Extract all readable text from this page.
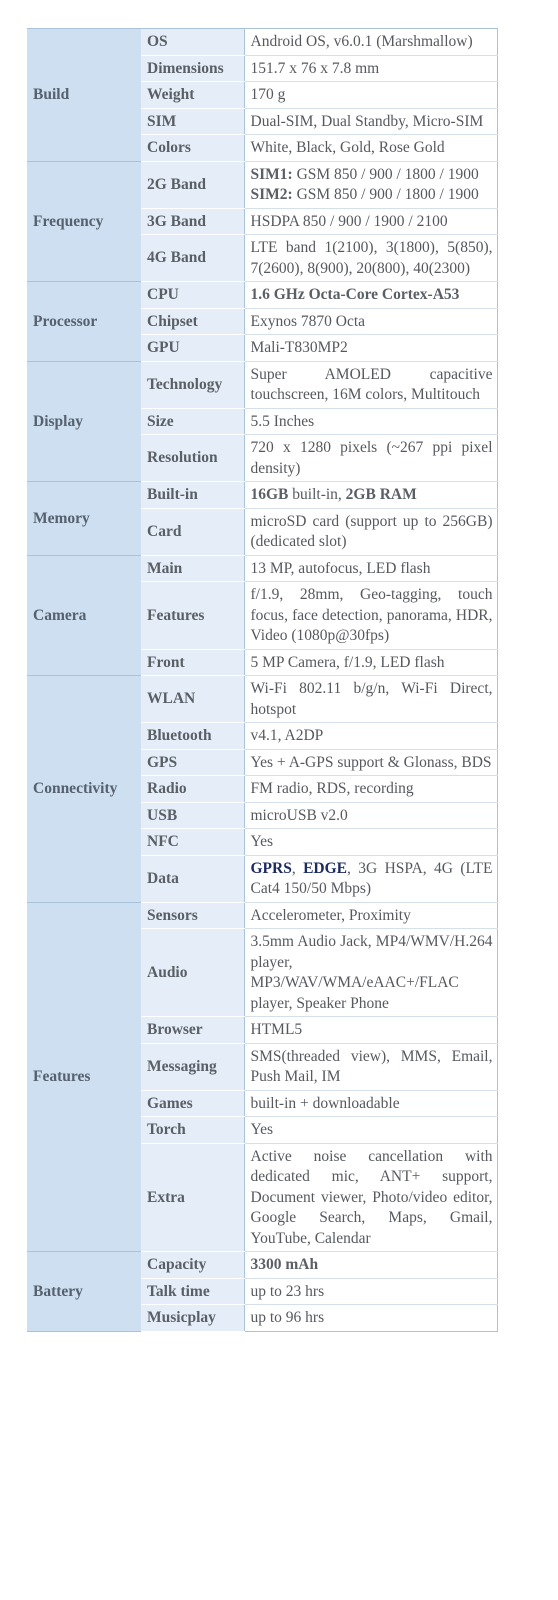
Build	OS	Android OS, v6.0.1 (Marshmallow)
	Dimensions	151.7 x 76 x 7.8 mm
	Weight	170 g
	SIM	Dual-SIM, Dual Standby, Micro-SIM
	Colors	White, Black, Gold, Rose Gold
Frequency	2G Band	SIM1: GSM 850 / 900 / 1800 / 1900
SIM2: GSM 850 / 900 / 1800 / 1900
	3G Band	HSDPA 850 / 900 / 1900 / 2100
	4G Band	LTE band 1(2100), 3(1800), 5(850), 7(2600), 8(900), 20(800), 40(2300)
Processor	CPU	1.6 GHz Octa-Core Cortex-A53
	Chipset	Exynos 7870 Octa
	GPU	Mali-T830MP2
Display	Technology	Super AMOLED capacitive touchscreen, 16M colors, Multitouch
	Size	5.5 Inches
	Resolution	720 x 1280 pixels (~267 ppi pixel density)
Memory	Built-in	16GB built-in, 2GB RAM
	Card	microSD card (support up to 256GB) (dedicated slot)
Camera	Main	13 MP, autofocus, LED flash
	Features	f/1.9, 28mm, Geo-tagging, touch focus, face detection, panorama, HDR, Video (1080p@30fps)
	Front	5 MP Camera, f/1.9, LED flash
Connectivity	WLAN	Wi-Fi 802.11 b/g/n, Wi-Fi Direct, hotspot
	Bluetooth	v4.1, A2DP
	GPS	Yes + A-GPS support & Glonass, BDS
	Radio	FM radio, RDS, recording
	USB	microUSB v2.0
	NFC	Yes
	Data	GPRS, EDGE, 3G HSPA, 4G (LTE Cat4 150/50 Mbps)
Features	Sensors	Accelerometer, Proximity
	Audio	3.5mm Audio Jack, MP4/WMV/H.264 player, MP3/WAV/WMA/eAAC+/FLAC player, Speaker Phone
	Browser	HTML5
	Messaging	SMS(threaded view), MMS, Email, Push Mail, IM
	Games	built-in + downloadable
	Torch	Yes
	Extra	Active noise cancellation with dedicated mic, ANT+ support, Document viewer, Photo/video editor, Google Search, Maps, Gmail, YouTube, Calendar
Battery	Capacity	3300 mAh
	Talk time	up to 23 hrs
	Musicplay	up to 96 hrs
